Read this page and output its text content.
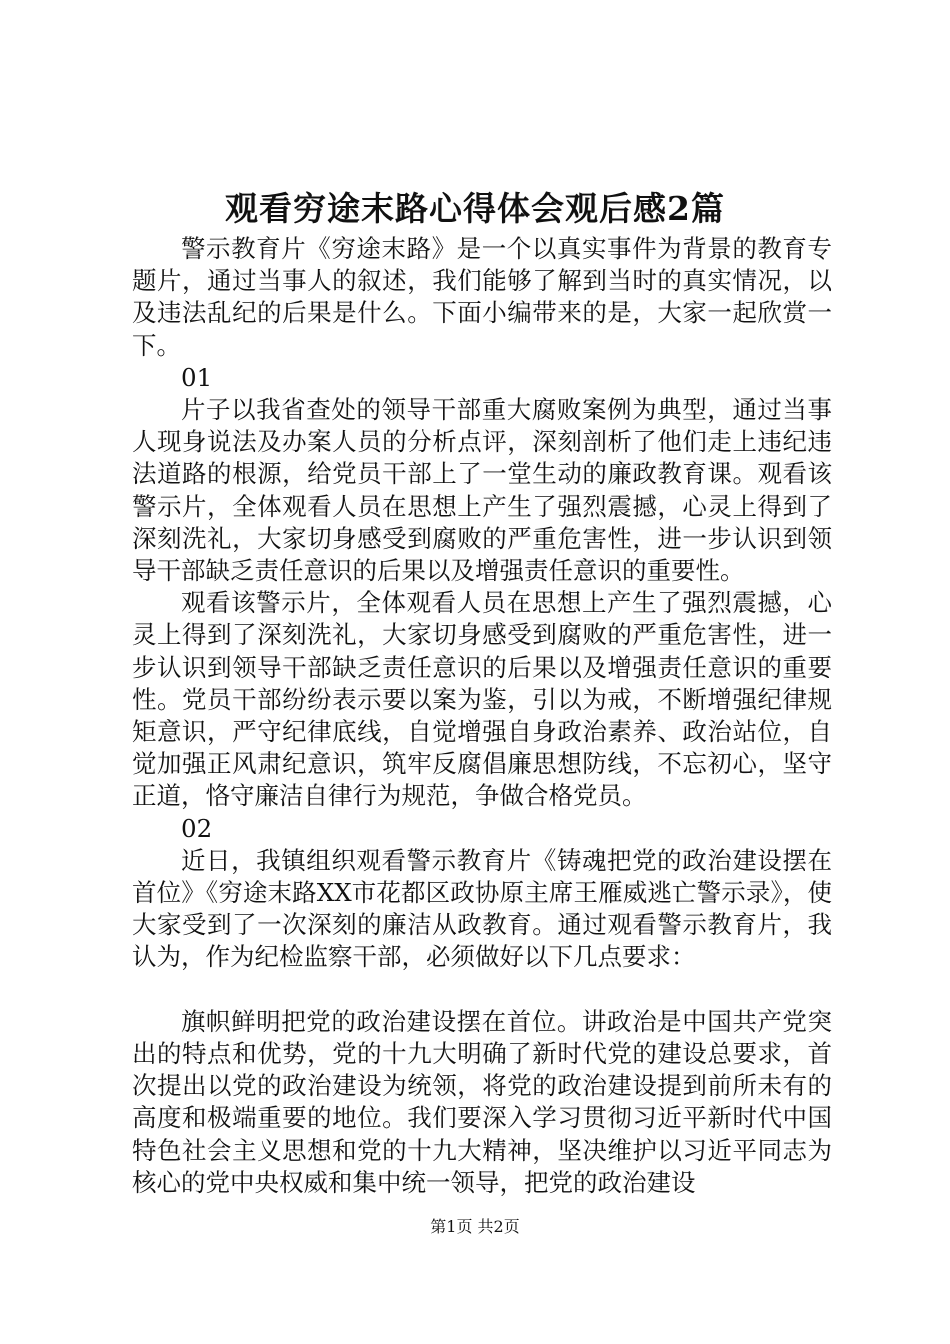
观看穷途末路心得体会观后感2篇

警示教育片《穷途末路》是一个以真实事件为背景的教育专题片，通过当事人的叙述，我们能够了解到当时的真实情况，以及违法乱纪的后果是什么。下面小编带来的是，大家一起欣赏一下。

01

片子以我省查处的领导干部重大腐败案例为典型，通过当事人现身说法及办案人员的分析点评，深刻剖析了他们走上违纪违法道路的根源，给党员干部上了一堂生动的廉政教育课。观看该警示片，全体观看人员在思想上产生了强烈震撼，心灵上得到了深刻洗礼，大家切身感受到腐败的严重危害性，进一步认识到领导干部缺乏责任意识的后果以及增强责任意识的重要性。

观看该警示片，全体观看人员在思想上产生了强烈震撼，心灵上得到了深刻洗礼，大家切身感受到腐败的严重危害性，进一步认识到领导干部缺乏责任意识的后果以及增强责任意识的重要性。党员干部纷纷表示要以案为鉴，引以为戒，不断增强纪律规矩意识，严守纪律底线，自觉增强自身政治素养、政治站位，自觉加强正风肃纪意识，筑牢反腐倡廉思想防线，不忘初心，坚守正道，恪守廉洁自律行为规范，争做合格党员。

02

近日，我镇组织观看警示教育片《铸魂把党的政治建设摆在首位》《穷途末路XX市花都区政协原主席王雁威逃亡警示录》，使大家受到了一次深刻的廉洁从政教育。通过观看警示教育片，我认为，作为纪检监察干部，必须做好以下几点要求：

旗帜鲜明把党的政治建设摆在首位。讲政治是中国共产党突出的特点和优势，党的十九大明确了新时代党的建设总要求，首次提出以党的政治建设为统领，将党的政治建设提到前所未有的高度和极端重要的地位。我们要深入学习贯彻习近平新时代中国特色社会主义思想和党的十九大精神，坚决维护以习近平同志为核心的党中央权威和集中统一领导，把党的政治建设

第1页 共2页
